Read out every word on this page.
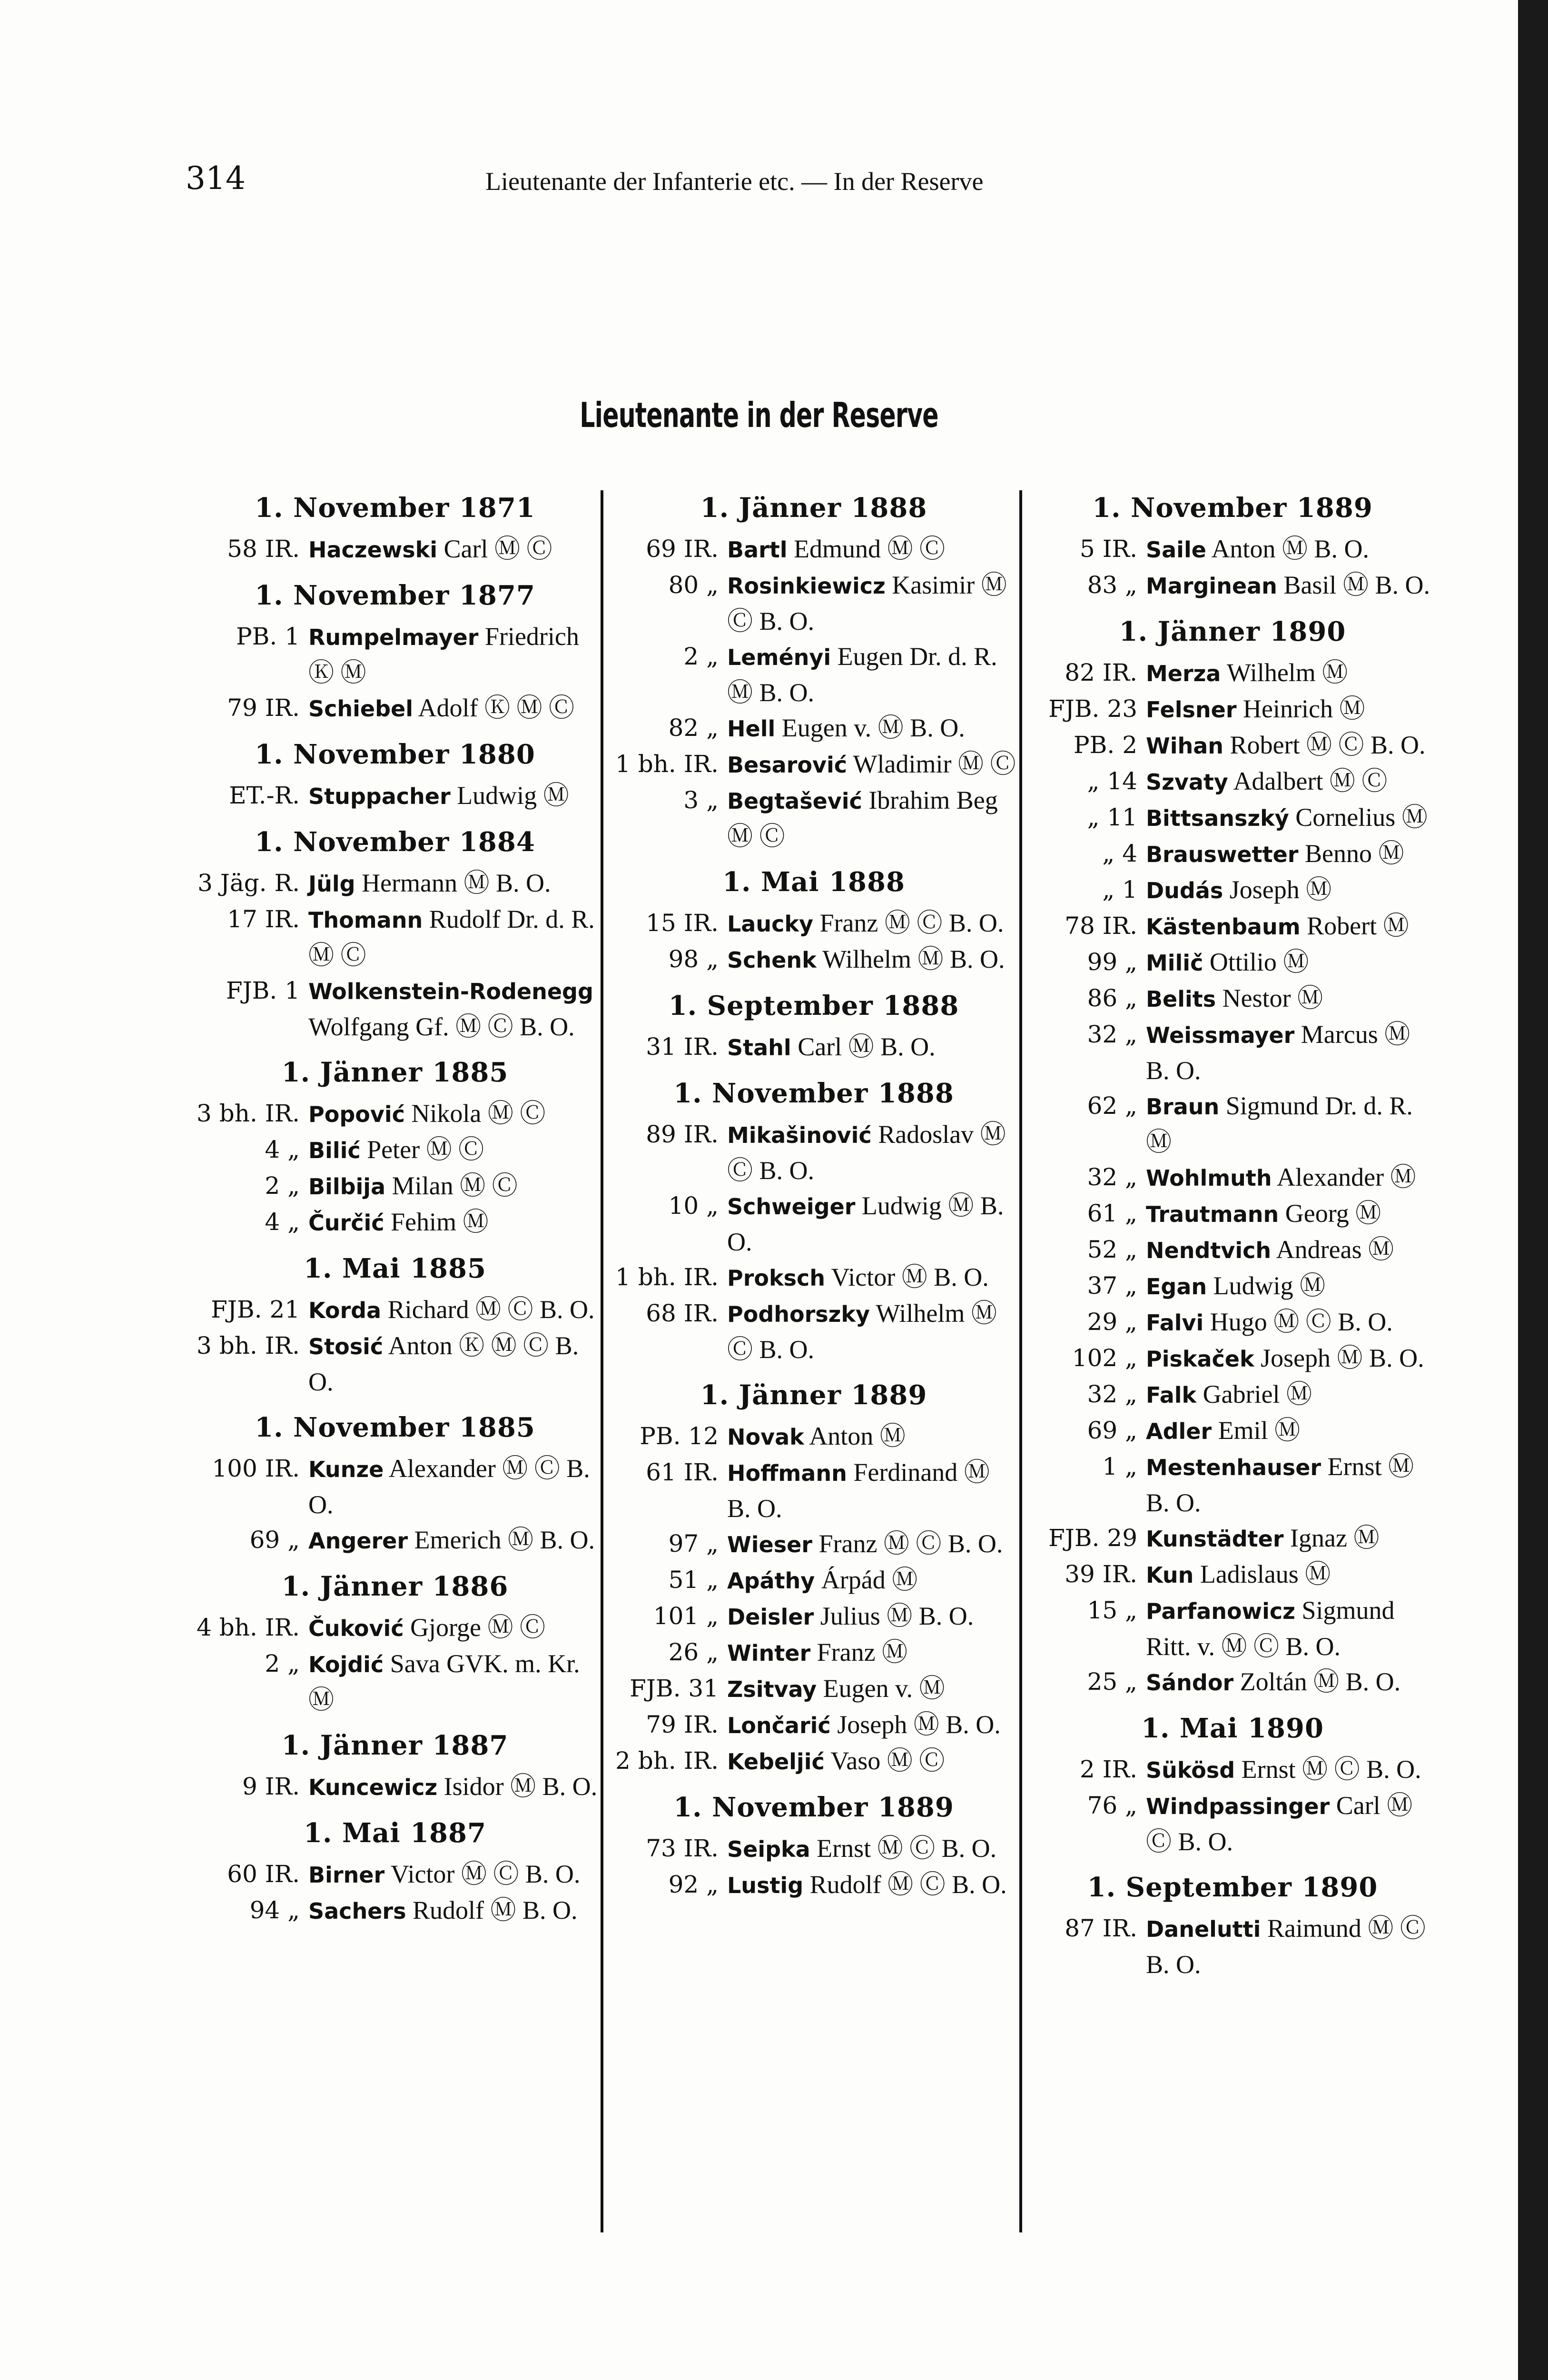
314	Lieutenante der Infanterie etc. — In der Reserve
Lieutenante in der Reserve
1. November 1871
58 IR. Haczewski Carl Ⓜ Ⓒ
1. November 1877
PB. 1 Rumpelmayer Friedrich Ⓚ Ⓜ
79 IR. Schiebel Adolf Ⓚ Ⓜ Ⓒ
1. November 1880
ET.-R. Stuppacher Ludwig Ⓜ
1. November 1884
3 Jäg. R. Jülg Hermann Ⓜ B. O.
17 IR. Thomann Rudolf Dr. d. R. Ⓜ Ⓒ
FJB. 1 Wolkenstein-Rodenegg Wolfgang Gf. Ⓜ Ⓒ B. O.
1. Jänner 1885
3 bh. IR. Popović Nikola Ⓜ Ⓒ
4 „ Bilić Peter Ⓜ Ⓒ
2 „ Bilbija Milan Ⓜ Ⓒ
4 „ Čurčić Fehim Ⓜ
1. Mai 1885
FJB. 21 Korda Richard Ⓜ Ⓒ B. O.
3 bh. IR. Stosić Anton Ⓚ Ⓜ Ⓒ B. O.
1. November 1885
100 IR. Kunze Alexander Ⓜ Ⓒ B. O.
69 „ Angerer Emerich Ⓜ B. O.
1. Jänner 1886
4 bh. IR. Čuković Gjorge Ⓜ Ⓒ
2 „ Kojdić Sava GVK. m. Kr. Ⓜ
1. Jänner 1887
9 IR. Kuncewicz Isidor Ⓜ B. O.
1. Mai 1887
60 IR. Birner Victor Ⓜ Ⓒ B. O.
94 „ Sachers Rudolf Ⓜ B. O.
1. Jänner 1888
69 IR. Bartl Edmund Ⓜ Ⓒ
80 „ Rosinkiewicz Kasimir Ⓜ Ⓒ B. O.
2 „ Leményi Eugen Dr. d. R. Ⓜ B. O.
82 „ Hell Eugen v. Ⓜ B. O.
1 bh. IR. Besarović Wladimir Ⓜ Ⓒ
3 „ Begtašević Ibrahim Beg Ⓜ Ⓒ
1. Mai 1888
15 IR. Laucky Franz Ⓜ Ⓒ B. O.
98 „ Schenk Wilhelm Ⓜ B. O.
1. September 1888
31 IR. Stahl Carl Ⓜ B. O.
1. November 1888
89 IR. Mikašinović Radoslav Ⓜ Ⓒ B. O.
10 „ Schweiger Ludwig Ⓜ B. O.
1 bh. IR. Proksch Victor Ⓜ B. O.
68 IR. Podhorszky Wilhelm Ⓜ Ⓒ B. O.
1. Jänner 1889
PB. 12 Novak Anton Ⓜ
61 IR. Hoffmann Ferdinand Ⓜ B. O.
97 „ Wieser Franz Ⓜ Ⓒ B. O.
51 „ Apáthy Árpád Ⓜ
101 „ Deisler Julius Ⓜ B. O.
26 „ Winter Franz Ⓜ
FJB. 31 Zsitvay Eugen v. Ⓜ
79 IR. Lončarić Joseph Ⓜ B. O.
2 bh. IR. Kebeljić Vaso Ⓜ Ⓒ
1. November 1889
73 IR. Seipka Ernst Ⓜ Ⓒ B. O.
92 „ Lustig Rudolf Ⓜ Ⓒ B. O.
1. November 1889
5 IR. Saile Anton Ⓜ B. O.
83 „ Marginean Basil Ⓜ B. O.
1. Jänner 1890
82 IR. Merza Wilhelm Ⓜ
FJB. 23 Felsner Heinrich Ⓜ
PB. 2 Wihan Robert Ⓜ Ⓒ B. O.
„ 14 Szvaty Adalbert Ⓜ Ⓒ
„ 11 Bittsanszký Cornelius Ⓜ
„ 4 Brauswetter Benno Ⓜ
„ 1 Dudás Joseph Ⓜ
78 IR. Kästenbaum Robert Ⓜ
99 „ Milič Ottilio Ⓜ
86 „ Belits Nestor Ⓜ
32 „ Weissmayer Marcus Ⓜ B. O.
62 „ Braun Sigmund Dr. d. R. Ⓜ
32 „ Wohlmuth Alexander Ⓜ
61 „ Trautmann Georg Ⓜ
52 „ Nendtvich Andreas Ⓜ
37 „ Egan Ludwig Ⓜ
29 „ Falvi Hugo Ⓜ Ⓒ B. O.
102 „ Piskaček Joseph Ⓜ B. O.
32 „ Falk Gabriel Ⓜ
69 „ Adler Emil Ⓜ
1 „ Mestenhauser Ernst Ⓜ B. O.
FJB. 29 Kunstädter Ignaz Ⓜ
39 IR. Kun Ladislaus Ⓜ
15 „ Parfanowicz Sigmund Ritt. v. Ⓜ Ⓒ B. O.
25 „ Sándor Zoltán Ⓜ B. O.
1. Mai 1890
2 IR. Sükösd Ernst Ⓜ Ⓒ B. O.
76 „ Windpassinger Carl Ⓜ Ⓒ B. O.
1. September 1890
87 IR. Danelutti Raimund Ⓜ Ⓒ B. O.
